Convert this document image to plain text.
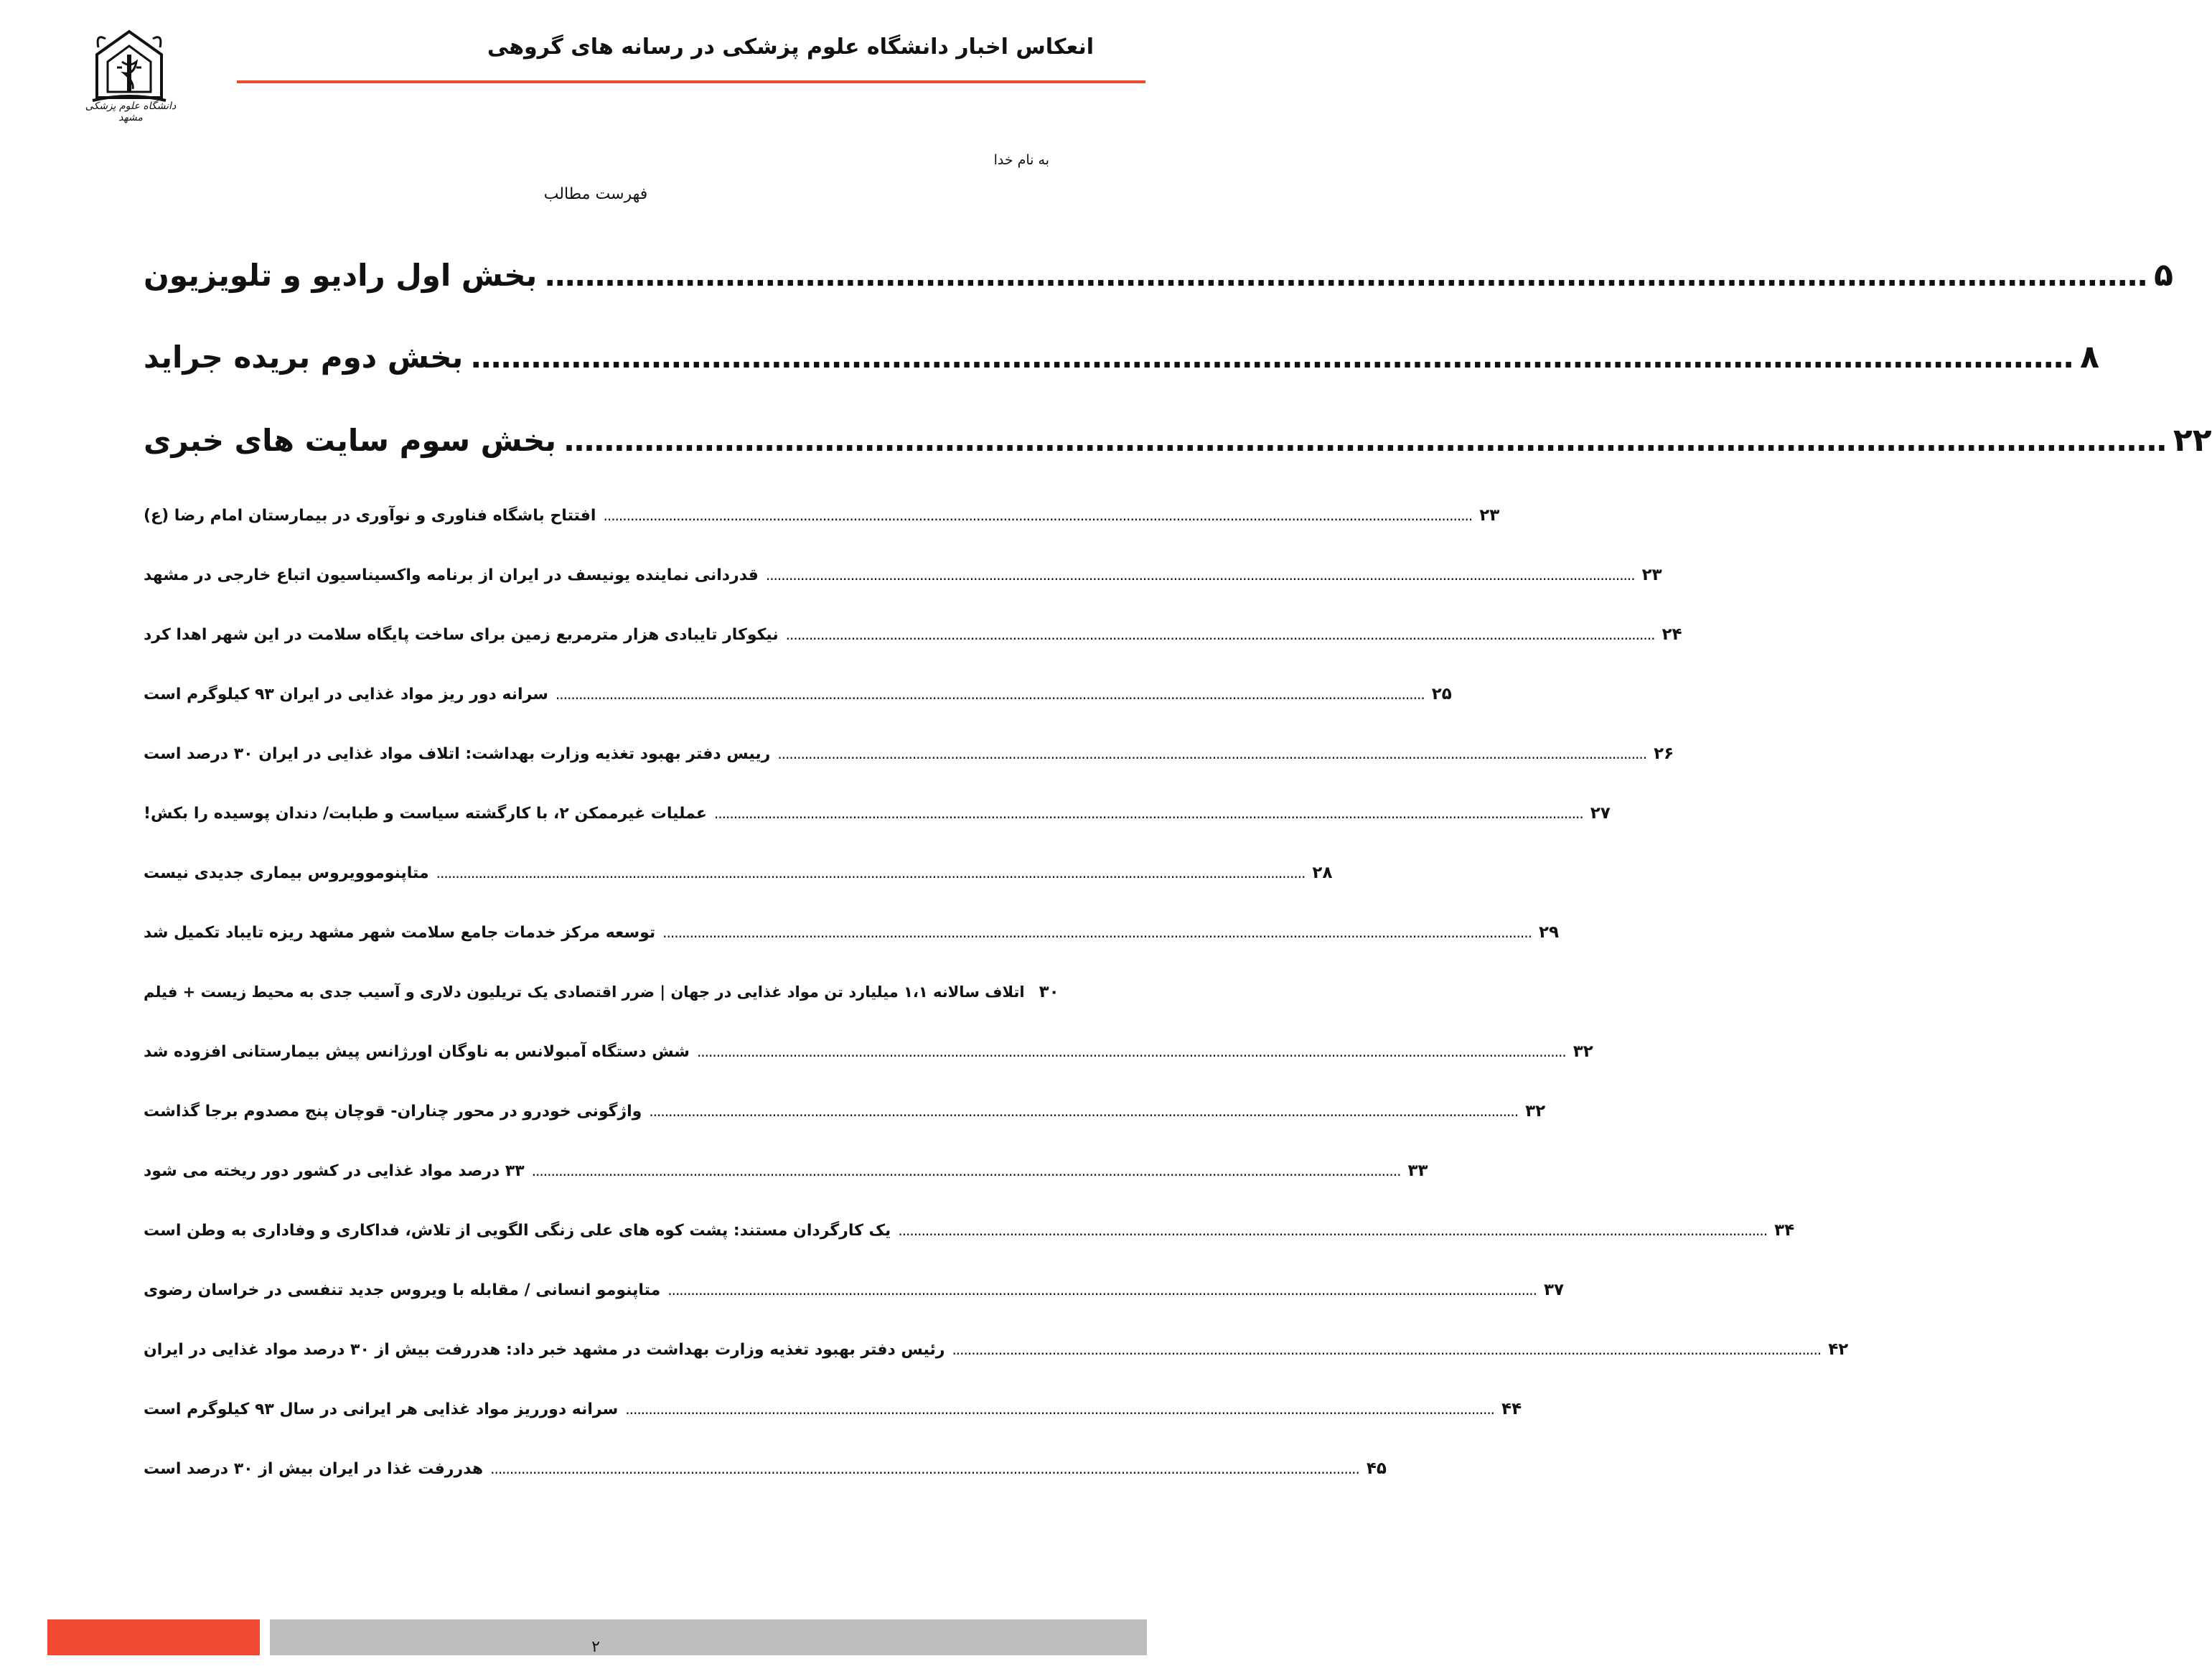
انعکاس اخبار دانشگاه علوم پزشکی در رسانه های گروهی
دانشگاه علوم پزشکی مشهد
به نام خدا
فهرست مطالب
بخش اول رادیو و تلویزیون ................................................................................................................................................................ ۵
بخش دوم بریده جراید ................................................................................................................................................................ ۸
بخش سوم سایت های خبری ................................................................................................................................................................ ۲۲
افتتاح باشگاه فناوری و نوآوری در بیمارستان امام رضا (ع) .................................................................................................................................................................................................................................. ۲۳
قدردانی نماینده یونیسف در ایران از برنامه واکسیناسیون اتباع خارجی در مشهد .................................................................................................................................................................................................................................. ۲۳
نیکوکار تایبادی هزار مترمربع زمین برای ساخت پایگاه سلامت در این شهر اهدا کرد .................................................................................................................................................................................................................................. ۲۴
سرانه دور ریز مواد غذایی در ایران ۹۳ کیلوگرم است .................................................................................................................................................................................................................................. ۲۵
رییس دفتر بهبود تغذیه وزارت بهداشت: اتلاف مواد غذایی در ایران ۳۰ درصد است .................................................................................................................................................................................................................................. ۲۶
عملیات غیرممکن ۲، با کارگشته سیاست و طبابت/ دندان پوسیده را بکش! .................................................................................................................................................................................................................................. ۲۷
متاپنوموویروس بیماری جدیدی نیست .................................................................................................................................................................................................................................. ۲۸
توسعه مرکز خدمات جامع سلامت شهر مشهد ریزه تایباد تکمیل شد .................................................................................................................................................................................................................................. ۲۹
اتلاف سالانه ۱،۱ میلیارد تن مواد غذایی در جهان | ضرر اقتصادی یک تریلیون دلاری و آسیب جدی به محیط زیست + فیلم ۳۰
شش دستگاه آمبولانس به ناوگان اورژانس پیش بیمارستانی افزوده شد .................................................................................................................................................................................................................................. ۳۲
واژگونی خودرو در محور چناران- قوچان پنج مصدوم برجا گذاشت .................................................................................................................................................................................................................................. ۳۲
۳۳ درصد مواد غذایی در کشور دور ریخته می شود .................................................................................................................................................................................................................................. ۳۳
یک کارگردان مستند: پشت کوه های علی زنگی الگویی از تلاش، فداکاری و وفاداری به وطن است .................................................................................................................................................................................................................................. ۳۴
متاپنومو انسانی / مقابله با ویروس جدید تنفسی در خراسان رضوی .................................................................................................................................................................................................................................. ۳۷
رئیس دفتر بهبود تغذیه وزارت بهداشت در مشهد خبر داد: هدررفت بیش از ۳۰ درصد مواد غذایی در ایران .................................................................................................................................................................................................................................. ۴۲
سرانه دورریز مواد غذایی هر ایرانی در سال ۹۳ کیلوگرم است .................................................................................................................................................................................................................................. ۴۴
هدررفت غذا در ایران بیش از ۳۰ درصد است .................................................................................................................................................................................................................................. ۴۵
۲
